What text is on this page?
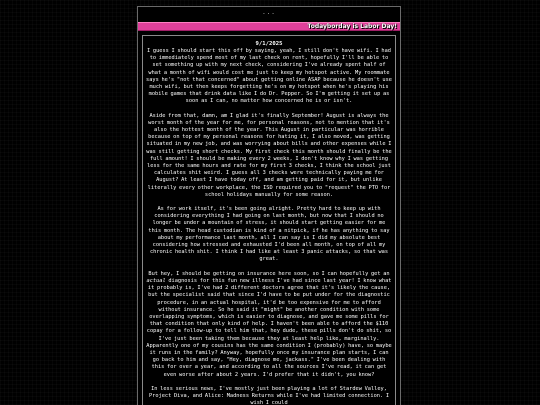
...
Todayborday is Labor Day!

9/1/2025

I guess I should start this off by saying, yeah, I still don't have wifi. I had to immediately spend most of my last check on rent, hopefully I'll be able to set something up with my next check, considering I've already spent half of what a month of wifi would cost me just to keep my hotspot active. My roommate says he's "not that concerned" about getting online ASAP because he doesn't use much wifi, but then keeps forgetting he's on my hotspot when he's playing his mobile games that drink data like I do Dr. Pepper. So I'm getting it set up as soon as I can, no matter how concerned he is or isn't.

Aside from that, damn, am I glad it's finally September! August is always the worst month of the year for me, for personal reasons, not to mention that it's also the hottest month of the year. This August in particular was horrible because on top of my personal reasons for hating it, I also moved, was getting situated in my new job, and was worrying about bills and other expenses while I was still getting short checks. My first check this month should finally be the full amount! I should be making every 2 weeks, I don't know why I was getting less for the same hours and rate for my first 3 checks, I think the school just calculates shit weird. I guess all 3 checks were technically paying me for August? At least I have today off, and am getting paid for it, but unlike literally every other workplace, the ISD required you to "request" the PTO for school holidays manually for some reason.

As for work itself, it's been going alright. Pretty hard to keep up with considering everything I had going on last month, but now that I should no longer be under a mountain of stress, it should start getting easier for me this month. The head custodian is kind of a nitpick, if he has anything to say about my performance last month, all I can say is I did my absolute best considering how stressed and exhausted I'd been all month, on top of all my chronic health shit. I think I had like at least 3 panic attacks, so that was great.

But hey, I should be getting on insurance here soon, so I can hopefully get an actual diagnosis for this fun new illness I've had since last year! I know what it probably is, I've had 2 different doctors agree that it's likely the cause, but the specialist said that since I'd have to be put under for the diagnostic procedure, in an actual hospital, it'd be too expensive for me to afford without insurance. So he said it "might" be another condition with some overlapping symptoms, which is easier to diagnose, and gave me some pills for that condition that only kind of help. I haven't been able to afford the $110 copay for a follow-up to tell him that, hey dude, these pills don't do shit, so I've just been taking them because they at least help like, marginally. Apparently one of my cousins has the same condition I (probably) have, so maybe it runs in the family? Anyway, hopefully once my insurance plan starts, I can go back to him and say, "Hey, diagnose me, jackass." I've been dealing with this for over a year, and according to all the sources I've read, it can get even worse after about 2 years. I'd prefer that it didn't, you know?

In less serious news, I've mostly just been playing a lot of Stardew Valley, Project Diva, and Alice: Madness Returns while I've had limited connection. I wish I could
